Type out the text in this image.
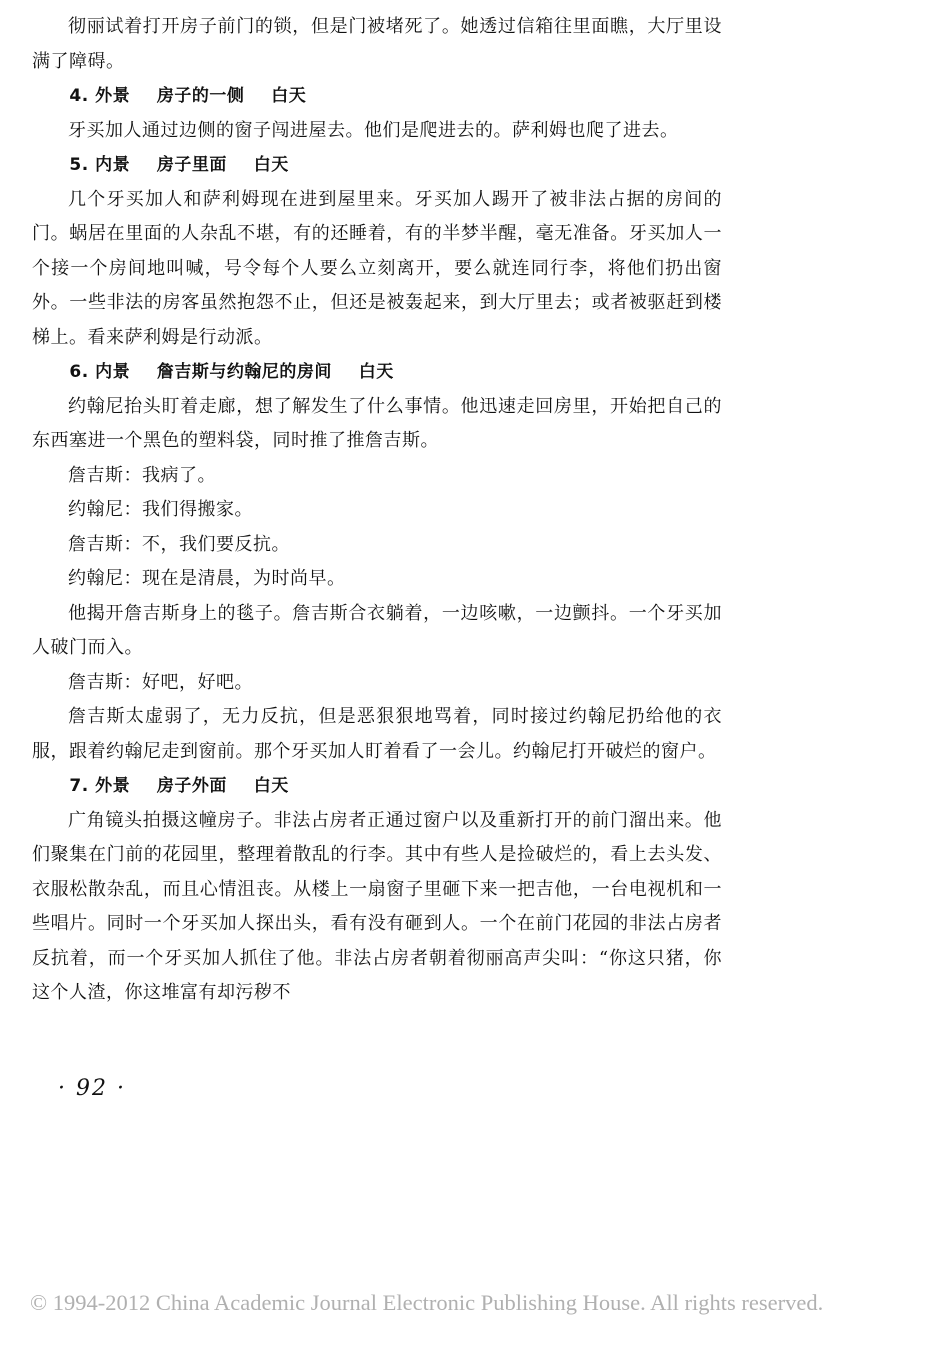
彻丽试着打开房子前门的锁，但是门被堵死了。她透过信箱往里面瞧，大厅里设满了障碍。

4. 外景 房子的一侧 白天

牙买加人通过边侧的窗子闯进屋去。他们是爬进去的。萨利姆也爬了进去。

5. 内景 房子里面 白天

几个牙买加人和萨利姆现在进到屋里来。牙买加人踢开了被非法占据的房间的门。蜗居在里面的人杂乱不堪，有的还睡着，有的半梦半醒，毫无准备。牙买加人一个接一个房间地叫喊，号令每个人要么立刻离开，要么就连同行李，将他们扔出窗外。一些非法的房客虽然抱怨不止，但还是被轰起来，到大厅里去；或者被驱赶到楼梯上。看来萨利姆是行动派。

6. 内景 詹吉斯与约翰尼的房间 白天

约翰尼抬头盯着走廊，想了解发生了什么事情。他迅速走回房里，开始把自己的东西塞进一个黑色的塑料袋，同时推了推詹吉斯。

詹吉斯：我病了。

约翰尼：我们得搬家。

詹吉斯：不，我们要反抗。

约翰尼：现在是清晨，为时尚早。

他揭开詹吉斯身上的毯子。詹吉斯合衣躺着，一边咳嗽，一边颤抖。一个牙买加人破门而入。

詹吉斯：好吧，好吧。

詹吉斯太虚弱了，无力反抗，但是恶狠狠地骂着，同时接过约翰尼扔给他的衣服，跟着约翰尼走到窗前。那个牙买加人盯着看了一会儿。约翰尼打开破烂的窗户。

7. 外景 房子外面 白天

广角镜头拍摄这幢房子。非法占房者正通过窗户以及重新打开的前门溜出来。他们聚集在门前的花园里，整理着散乱的行李。其中有些人是捡破烂的，看上去头发、衣服松散杂乱，而且心情沮丧。从楼上一扇窗子里砸下来一把吉他，一台电视机和一些唱片。同时一个牙买加人探出头，看有没有砸到人。一个在前门花园的非法占房者反抗着，而一个牙买加人抓住了他。非法占房者朝着彻丽高声尖叫：“你这只猪，你这个人渣，你这堆富有却污秽不

· 92 ·
© 1994-2012 China Academic Journal Electronic Publishing House. All rights reserved.
